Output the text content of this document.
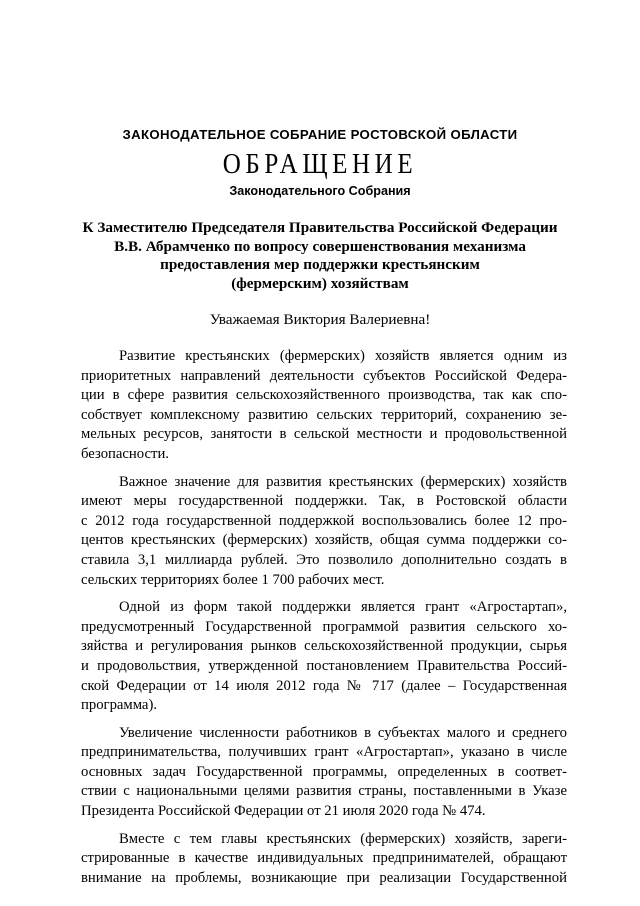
ЗАКОНОДАТЕЛЬНОЕ СОБРАНИЕ РОСТОВСКОЙ ОБЛАСТИ
ОБРАЩЕНИЕ
Законодательного Собрания
К Заместителю Председателя Правительства Российской Федерации
В.В. Абрамченко по вопросу совершенствования механизма
предоставления мер поддержки крестьянским
(фермерским) хозяйствам
Уважаемая Виктория Валериевна!
Развитие крестьянских (фермерских) хозяйств является одним из
приоритетных направлений деятельности субъектов Российской Федера-
ции в сфере развития сельскохозяйственного производства, так как спо-
собствует комплексному развитию сельских территорий, сохранению зе-
мельных ресурсов, занятости в сельской местности и продовольственной
безопасности.
Важное значение для развития крестьянских (фермерских) хозяйств
имеют меры государственной поддержки. Так, в Ростовской области
с 2012 года государственной поддержкой воспользовались более 12 про-
центов крестьянских (фермерских) хозяйств, общая сумма поддержки со-
ставила 3,1 миллиарда рублей. Это позволило дополнительно создать в
сельских территориях более 1 700 рабочих мест.
Одной из форм такой поддержки является грант «Агростартап»,
предусмотренный Государственной программой развития сельского хо-
зяйства и регулирования рынков сельскохозяйственной продукции, сырья
и продовольствия, утвержденной постановлением Правительства Россий-
ской Федерации от 14 июля 2012 года № 717 (далее – Государственная
программа).
Увеличение численности работников в субъектах малого и среднего
предпринимательства, получивших грант «Агростартап», указано в числе
основных задач Государственной программы, определенных в соответ-
ствии с национальными целями развития страны, поставленными в Указе
Президента Российской Федерации от 21 июля 2020 года № 474.
Вместе с тем главы крестьянских (фермерских) хозяйств, зареги-
стрированные в качестве индивидуальных предпринимателей, обращают
внимание на проблемы, возникающие при реализации Государственной
